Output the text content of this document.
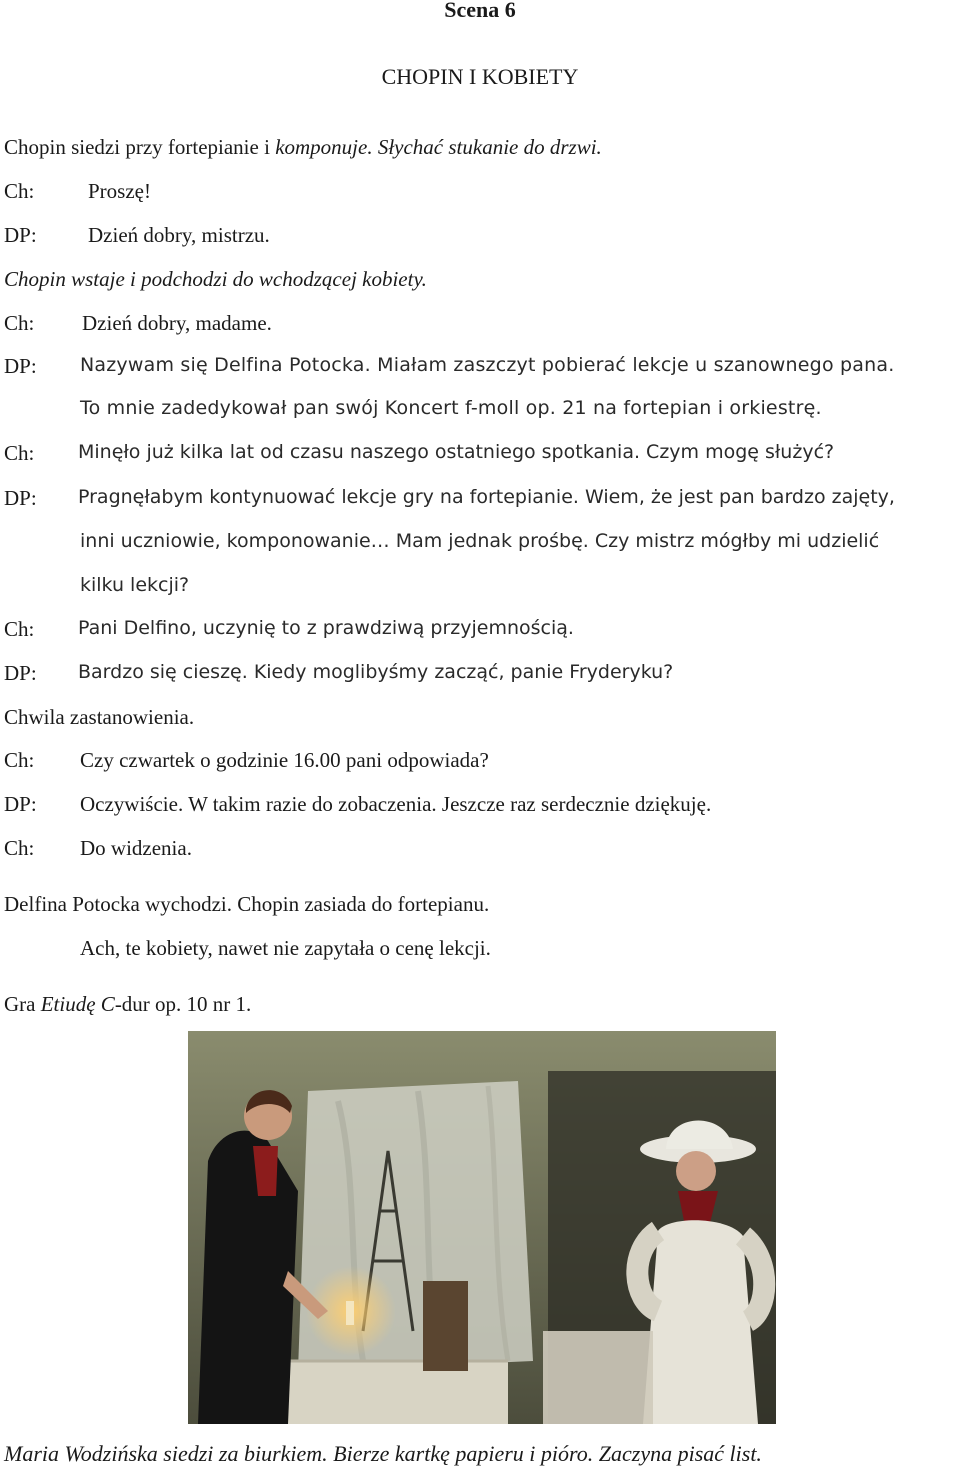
Scena 6
CHOPIN I KOBIETY
Chopin siedzi przy fortepianie i komponuje. Słychać stukanie do drzwi.
Ch:	Proszę!
DP: Dzień dobry, mistrzu.
Chopin wstaje i podchodzi do wchodzącej kobiety.
Ch: Dzień dobry, madame.
DP: Nazywam się Delfina Potocka. Miałam zaszczyt pobierać lekcje u szanownego pana.
To mnie zadedykował pan swój Koncert f-moll op. 21 na fortepian i orkiestrę.
Ch: Minęło już kilka lat od czasu naszego ostatniego spotkania. Czym mogę służyć?
DP: Pragnęłabym kontynuować lekcje gry na fortepianie. Wiem, że jest pan bardzo zajęty,
inni uczniowie, komponowanie… Mam jednak prośbę. Czy mistrz mógłby mi udzielić
kilku lekcji?
Ch: Pani Delfino, uczynię to z prawdziwą przyjemnością.
DP: Bardzo się cieszę. Kiedy moglibyśmy zacząć, panie Fryderyku?
Chwila zastanowienia.
Ch: Czy czwartek o godzinie 16.00 pani odpowiada?
DP: Oczywiście. W takim razie do zobaczenia. Jeszcze raz serdecznie dziękuję.
Ch: Do widzenia.
Delfina Potocka wychodzi. Chopin zasiada do fortepianu.
Ach, te kobiety, nawet nie zapytała o cenę lekcji.
Gra Etiudę C-dur op. 10 nr 1.
Maria Wodzińska siedzi za biurkiem. Bierze kartkę papieru i pióro. Zaczyna pisać list.
